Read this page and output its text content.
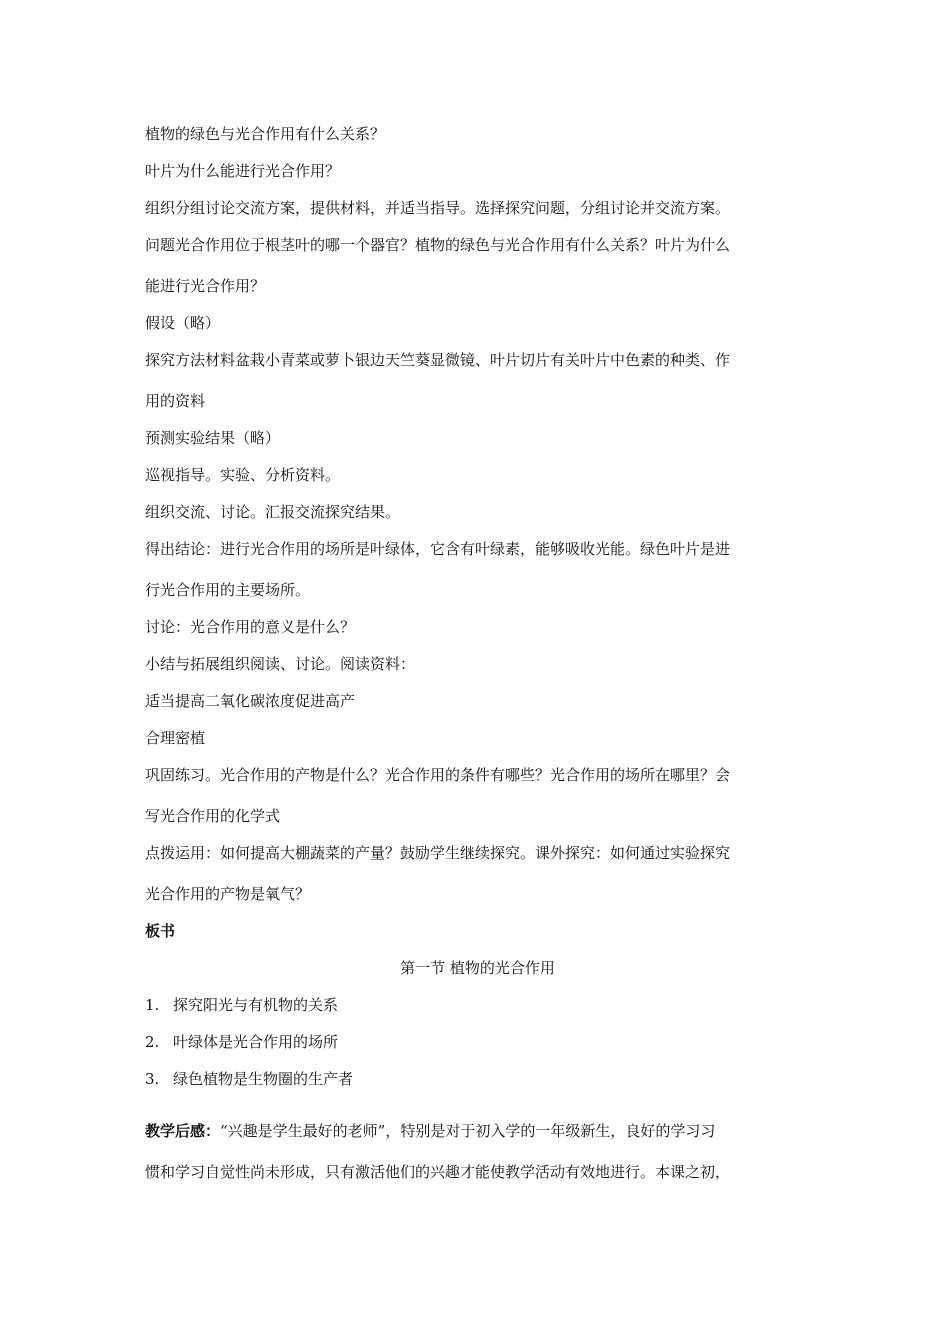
植物的绿色与光合作用有什么关系？

叶片为什么能进行光合作用？

组织分组讨论交流方案，提供材料，并适当指导。选择探究问题，分组讨论并交流方案。

问题光合作用位于根茎叶的哪一个器官？植物的绿色与光合作用有什么关系？叶片为什么

能进行光合作用？

假设（略）

探究方法材料盆栽小青菜或萝卜银边天竺葵显微镜、叶片切片有关叶片中色素的种类、作

用的资料

预测实验结果（略）

巡视指导。实验、分析资料。

组织交流、讨论。汇报交流探究结果。

得出结论：进行光合作用的场所是叶绿体，它含有叶绿素，能够吸收光能。绿色叶片是进

行光合作用的主要场所。

讨论：光合作用的意义是什么？

小结与拓展组织阅读、讨论。阅读资料：

适当提高二氧化碳浓度促进高产

合理密植

巩固练习。光合作用的产物是什么？光合作用的条件有哪些？光合作用的场所在哪里？会

写光合作用的化学式

点拨运用：如何提高大棚蔬菜的产量？鼓励学生继续探究。课外探究：如何通过实验探究

光合作用的产物是氧气？

板书

第一节 植物的光合作用

1. 探究阳光与有机物的关系

2. 叶绿体是光合作用的场所

3. 绿色植物是生物圈的生产者

教学后感：“兴趣是学生最好的老师”，特别是对于初入学的一年级新生，良好的学习习

惯和学习自觉性尚未形成，只有激活他们的兴趣才能使教学活动有效地进行。本课之初，
